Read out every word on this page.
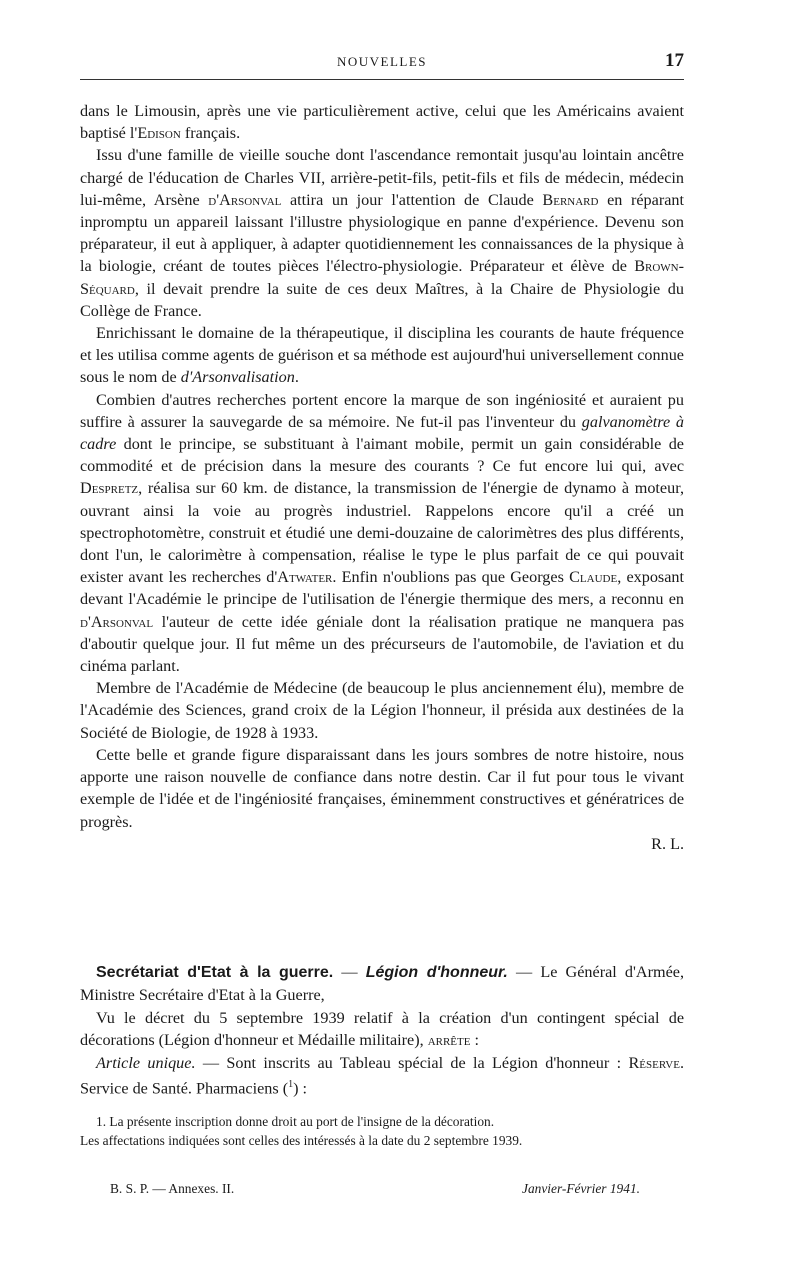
NOUVELLES	17

dans le Limousin, après une vie particulièrement active, celui que les Américains avaient baptisé l'Edison français.

Issu d'une famille de vieille souche dont l'ascendance remontait jusqu'au lointain ancêtre chargé de l'éducation de Charles VII, arrière-petit-fils, petit-fils et fils de médecin, médecin lui-même, Arsène d'Arsonval attira un jour l'attention de Claude Bernard en réparant inpromptu un appareil laissant l'illustre physiologique en panne d'expérience. Devenu son préparateur, il eut à appliquer, à adapter quotidiennement les connaissances de la physique à la biologie, créant de toutes pièces l'électro-physiologie. Préparateur et élève de Brown-Séquard, il devait prendre la suite de ces deux Maîtres, à la Chaire de Physiologie du Collège de France.

Enrichissant le domaine de la thérapeutique, il disciplina les courants de haute fréquence et les utilisa comme agents de guérison et sa méthode est aujourd'hui universellement connue sous le nom de d'Arsonvalisation.

Combien d'autres recherches portent encore la marque de son ingéniosité et auraient pu suffire à assurer la sauvegarde de sa mémoire. Ne fut-il pas l'inventeur du galvanomètre à cadre dont le principe, se substituant à l'aimant mobile, permit un gain considérable de commodité et de précision dans la mesure des courants ? Ce fut encore lui qui, avec Despretz, réalisa sur 60 km. de distance, la transmission de l'énergie de dynamo à moteur, ouvrant ainsi la voie au progrès industriel. Rappelons encore qu'il a créé un spectrophotomètre, construit et étudié une demi-douzaine de calorimètres des plus différents, dont l'un, le calorimètre à compensation, réalise le type le plus parfait de ce qui pouvait exister avant les recherches d'Atwater. Enfin n'oublions pas que Georges Claude, exposant devant l'Académie le principe de l'utilisation de l'énergie thermique des mers, a reconnu en d'Arsonval l'auteur de cette idée géniale dont la réalisation pratique ne manquera pas d'aboutir quelque jour. Il fut même un des précurseurs de l'automobile, de l'aviation et du cinéma parlant.

Membre de l'Académie de Médecine (de beaucoup le plus anciennement élu), membre de l'Académie des Sciences, grand croix de la Légion l'honneur, il présida aux destinées de la Société de Biologie, de 1928 à 1933.

Cette belle et grande figure disparaissant dans les jours sombres de notre histoire, nous apporte une raison nouvelle de confiance dans notre destin. Car il fut pour tous le vivant exemple de l'idée et de l'ingéniosité françaises, éminemment constructives et génératrices de progrès.

R. L.

Secrétariat d'Etat à la guerre. — Légion d'honneur. — Le Général d'Armée, Ministre Secrétaire d'Etat à la Guerre,

Vu le décret du 5 septembre 1939 relatif à la création d'un contingent spécial de décorations (Légion d'honneur et Médaille militaire), arrête :

Article unique. — Sont inscrits au Tableau spécial de la Légion d'honneur : Réserve. Service de Santé. Pharmaciens ($^1$) :

1. La présente inscription donne droit au port de l'insigne de la décoration.

Les affectations indiquées sont celles des intéressés à la date du 2 septembre 1939.

B. S. P. — Annexes. II.	Janvier-Février 1941.
